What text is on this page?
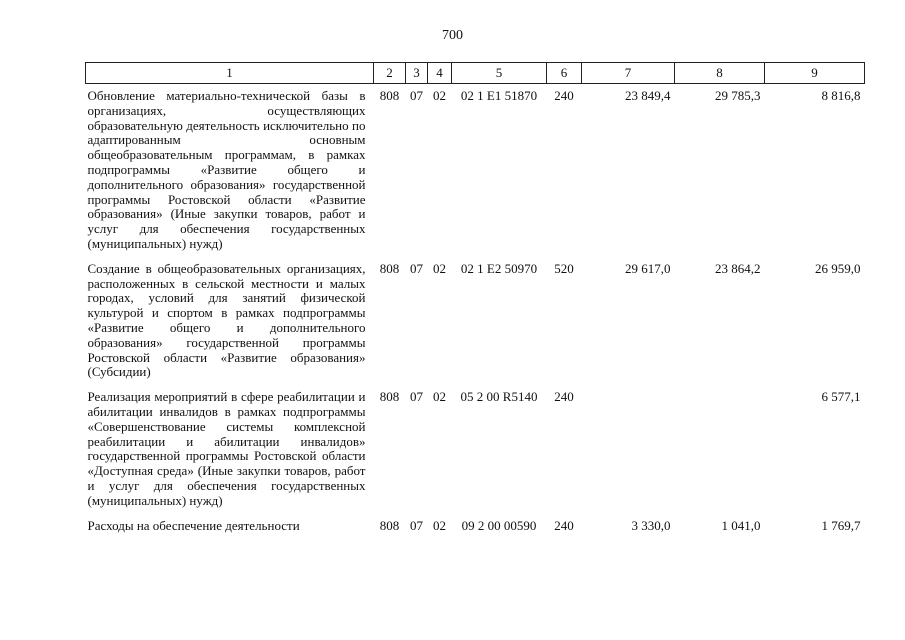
700
1	2	3	4	5	6	7	8	9
Обновление материально-технической базы в организациях, осуществляющих образовательную деятельность исключительно по адаптированным основным общеобразовательным программам, в рамках подпрограммы «Развитие общего и дополнительного образования» государственной программы Ростовской области «Развитие образования» (Иные закупки товаров, работ и услуг для обеспечения государственных (муниципальных) нужд)	808	07	02	02 1 E1 51870	240	23 849,4	29 785,3	8 816,8
Создание в общеобразовательных организациях, расположенных в сельской местности и малых городах, условий для занятий физической культурой и спортом в рамках подпрограммы «Развитие общего и дополнительного образования» государственной программы Ростовской области «Развитие образования» (Субсидии)	808	07	02	02 1 E2 50970	520	29 617,0	23 864,2	26 959,0
Реализация мероприятий в сфере реабилитации и абилитации инвалидов в рамках подпрограммы «Совершенствование системы комплексной реабилитации и абилитации инвалидов» государственной программы Ростовской области «Доступная среда» (Иные закупки товаров, работ и услуг для обеспечения государственных (муниципальных) нужд)	808	07	02	05 2 00 R5140	240			6 577,1
Расходы на обеспечение деятельности	808	07	02	09 2 00 00590	240	3 330,0	1 041,0	1 769,7
